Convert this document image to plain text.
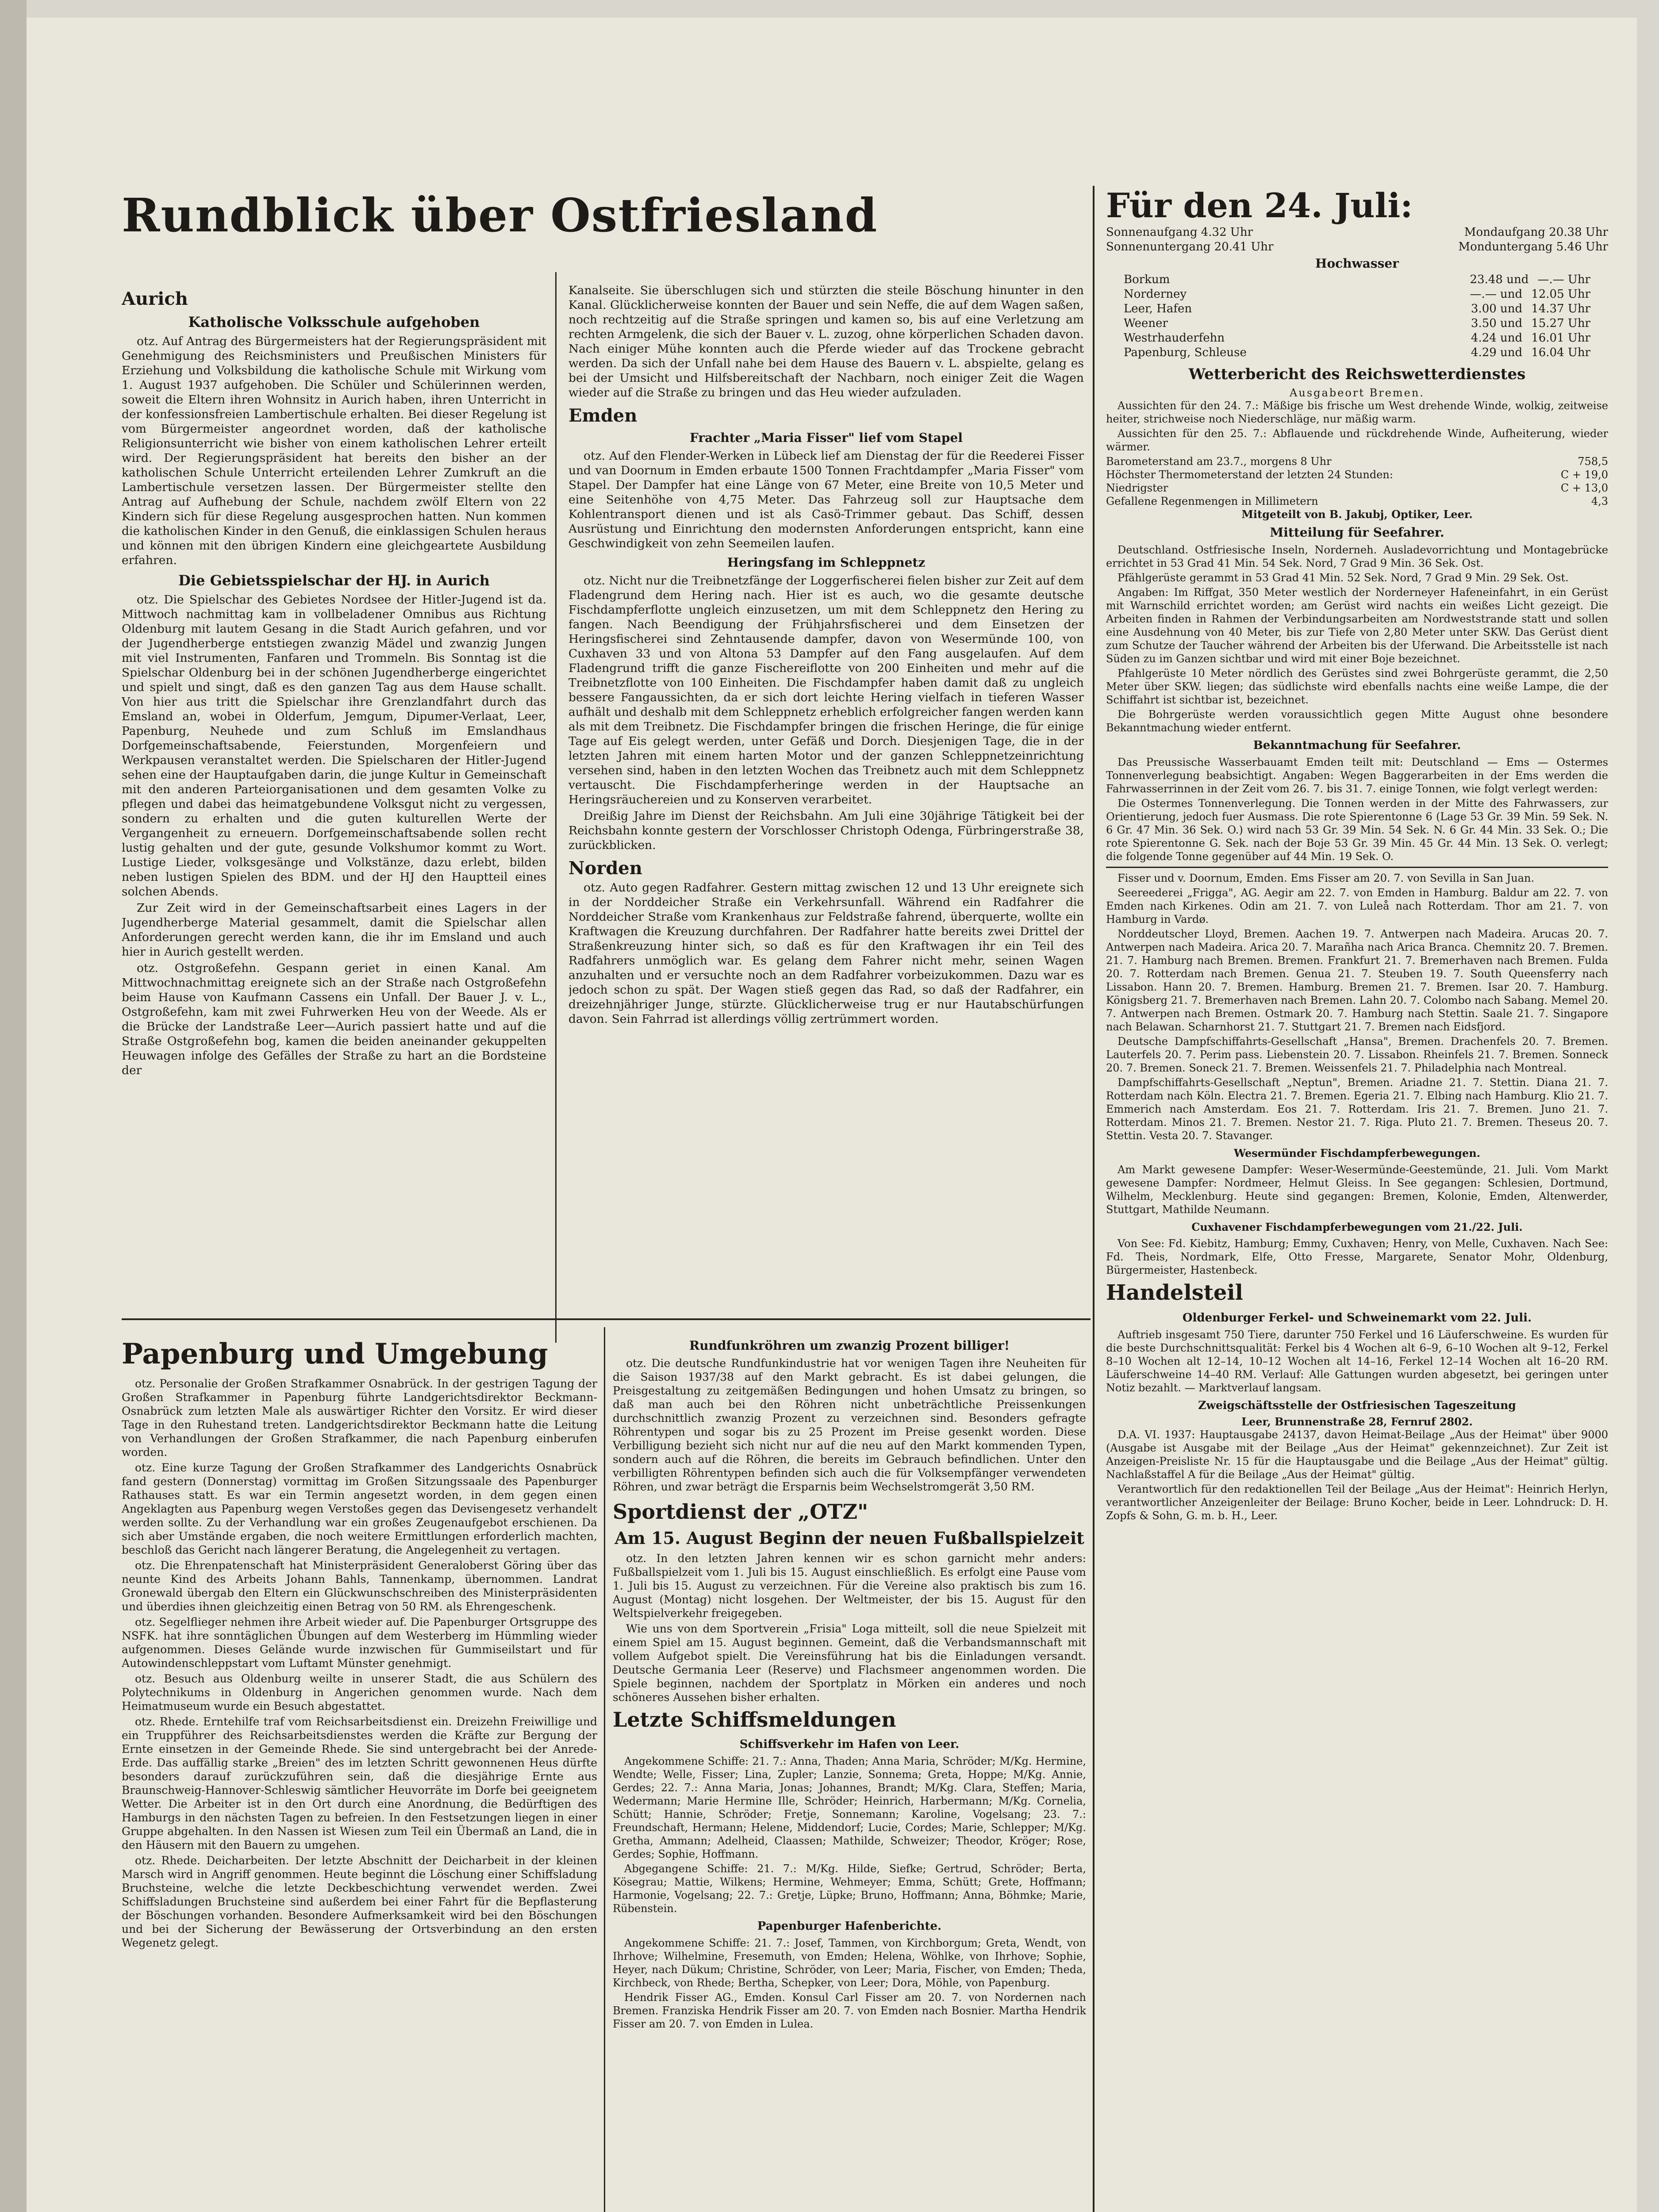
Rundblick über Ostfriesland
Aurich
Katholische Volksschule aufgehoben

otz. Auf Antrag des Bürgermeisters hat der Regierungspräsident mit Genehmigung des Reichsministers und Preußischen Ministers für Erziehung und Volksbildung die katholische Schule mit Wirkung vom 1. August 1937 aufgehoben. Die Schüler und Schülerinnen werden, soweit die Eltern ihren Wohnsitz in Aurich haben, ihren Unterricht in der konfessionsfreien Lambertischule erhalten. Bei dieser Regelung ist vom Bürgermeister angeordnet worden, daß der katholische Religionsunterricht wie bisher von einem katholischen Lehrer erteilt wird. Der Regierungspräsident hat bereits den bisher an der katholischen Schule Unterricht erteilenden Lehrer Zumkruft an die Lambertischule versetzen lassen. Der Bürgermeister stellte den Antrag auf Aufhebung der Schule, nachdem zwölf Eltern von 22 Kindern sich für diese Regelung ausgesprochen hatten. Nun kommen die katholischen Kinder in den Genuß, die einklassigen Schulen heraus und können mit den übrigen Kindern eine gleichgeartete Ausbildung erfahren.

Die Gebietsspielschar der HJ. in Aurich

otz. Die Spielschar des Gebietes Nordsee der Hitler-Jugend ist da. Mittwoch nachmittag kam in vollbeladener Omnibus aus Richtung Oldenburg mit lautem Gesang in die Stadt Aurich gefahren, und vor der Jugendherberge entstiegen zwanzig Mädel und zwanzig Jungen mit viel Instrumenten, Fanfaren und Trommeln. Bis Sonntag ist die Spielschar Oldenburg bei in der schönen Jugendherberge eingerichtet und spielt und singt, daß es den ganzen Tag aus dem Hause schallt. Von hier aus tritt die Spielschar ihre Grenzlandfahrt durch das Emsland an, wobei in Olderfum, Jemgum, Dipumer-Verlaat, Leer, Papenburg, Neuhede und zum Schluß im Emslandhaus Dorfgemeinschaftsabende, Feierstunden, Morgenfeiern und Werkpausen veranstaltet werden. Die Spielscharen der Hitler-Jugend sehen eine der Hauptaufgaben darin, die junge Kultur in Gemeinschaft mit den anderen Parteiorganisationen und dem gesamten Volke zu pflegen und dabei das heimatgebundene Volksgut nicht zu vergessen, sondern zu erhalten und die guten kulturellen Werte der Vergangenheit zu erneuern. Dorfgemeinschaftsabende sollen recht lustig gehalten und der gute, gesunde Volkshumor kommt zu Wort. Lustige Lieder, volksgesänge und Volkstänze, dazu erlebt, bilden neben lustigen Spielen des BDM. und der HJ den Hauptteil eines solchen Abends.

Zur Zeit wird in der Gemeinschaftsarbeit eines Lagers in der Jugendherberge Material gesammelt, damit die Spielschar allen Anforderungen gerecht werden kann, die ihr im Emsland und auch hier in Aurich gestellt werden.

otz. Ostgroßefehn. Gespann geriet in einen Kanal. Am Mittwochnachmittag ereignete sich an der Straße nach Ostgroßefehn beim Hause von Kaufmann Cassens ein Unfall. Der Bauer J. v. L., Ostgroßefehn, kam mit zwei Fuhrwerken Heu von der Weede. Als er die Brücke der Landstraße Leer—Aurich passiert hatte und auf die Straße Ostgroßefehn bog, kamen die beiden aneinander gekuppelten Heuwagen infolge des Gefälles der Straße zu hart an die Bordsteine der

Kanalseite. Sie überschlugen sich und stürzten die steile Böschung hinunter in den Kanal. Glücklicherweise konnten der Bauer und sein Neffe, die auf dem Wagen saßen, noch rechtzeitig auf die Straße springen und kamen so, bis auf eine Verletzung am rechten Armgelenk, die sich der Bauer v. L. zuzog, ohne körperlichen Schaden davon. Nach einiger Mühe konnten auch die Pferde wieder auf das Trockene gebracht werden. Da sich der Unfall nahe bei dem Hause des Bauern v. L. abspielte, gelang es bei der Umsicht und Hilfsbereitschaft der Nachbarn, noch einiger Zeit die Wagen wieder auf die Straße zu bringen und das Heu wieder aufzuladen.

Emden
Frachter „Maria Fisser" lief vom Stapel

otz. Auf den Flender-Werken in Lübeck lief am Dienstag der für die Reederei Fisser und van Doornum in Emden erbaute 1500 Tonnen Frachtdampfer „Maria Fisser" vom Stapel. Der Dampfer hat eine Länge von 67 Meter, eine Breite von 10,5 Meter und eine Seitenhöhe von 4,75 Meter. Das Fahrzeug soll zur Hauptsache dem Kohlentransport dienen und ist als Casö-Trimmer gebaut. Das Schiff, dessen Ausrüstung und Einrichtung den modernsten Anforderungen entspricht, kann eine Geschwindigkeit von zehn Seemeilen laufen.

Heringsfang im Schleppnetz

otz. Nicht nur die Treibnetzfänge der Loggerfischerei fielen bisher zur Zeit auf dem Fladengrund dem Hering nach. Hier ist es auch, wo die gesamte deutsche Fischdampferflotte ungleich einzusetzen, um mit dem Schleppnetz den Hering zu fangen. Nach Beendigung der Frühjahrsfischerei und dem Einsetzen der Heringsfischerei sind Zehntausende dampfer, davon von Wesermünde 100, von Cuxhaven 33 und von Altona 53 Dampfer auf den Fang ausgelaufen. Auf dem Fladengrund trifft die ganze Fischereiflotte von 200 Einheiten und mehr auf die Treibnetzflotte von 100 Einheiten. Die Fischdampfer haben damit daß zu ungleich bessere Fangaussichten, da er sich dort leichte Hering vielfach in tieferen Wasser aufhält und deshalb mit dem Schleppnetz erheblich erfolgreicher fangen werden kann als mit dem Treibnetz. Die Fischdampfer bringen die frischen Heringe, die für einige Tage auf Eis gelegt werden, unter Gefäß und Dorch. Diesjenigen Tage, die in der letzten Jahren mit einem harten Motor und der ganzen Schleppnetzeinrichtung versehen sind, haben in den letzten Wochen das Treibnetz auch mit dem Schleppnetz vertauscht. Die Fischdampferheringe werden in der Hauptsache an Heringsräuchereien und zu Konserven verarbeitet.

Dreißig Jahre im Dienst der Reichsbahn. Am Juli eine 30jährige Tätigkeit bei der Reichsbahn konnte gestern der Vorschlosser Christoph Odenga, Fürbringerstraße 38, zurückblicken.

Norden

otz. Auto gegen Radfahrer. Gestern mittag zwischen 12 und 13 Uhr ereignete sich in der Norddeicher Straße ein Verkehrsunfall. Während ein Radfahrer die Norddeicher Straße vom Krankenhaus zur Feldstraße fahrend, überquerte, wollte ein Kraftwagen die Kreuzung durchfahren. Der Radfahrer hatte bereits zwei Drittel der Straßenkreuzung hinter sich, so daß es für den Kraftwagen ihr ein Teil des Radfahrers unmöglich war. Es gelang dem Fahrer nicht mehr, seinen Wagen anzuhalten und er versuchte noch an dem Radfahrer vorbeizukommen. Dazu war es jedoch schon zu spät. Der Wagen stieß gegen das Rad, so daß der Radfahrer, ein dreizehnjähriger Junge, stürzte. Glücklicherweise trug er nur Hautabschürfungen davon. Sein Fahrrad ist allerdings völlig zertrümmert worden.

Papenburg und Umgebung

otz. Personalie der Großen Strafkammer Osnabrück. In der gestrigen Tagung der Großen Strafkammer in Papenburg führte Landgerichtsdirektor Beckmann-Osnabrück zum letzten Male als auswärtiger Richter den Vorsitz. Er wird dieser Tage in den Ruhestand treten. Landgerichtsdirektor Beckmann hatte die Leitung von Verhandlungen der Großen Strafkammer, die nach Papenburg einberufen worden.

otz. Eine kurze Tagung der Großen Strafkammer des Landgerichts Osnabrück fand gestern (Donnerstag) vormittag im Großen Sitzungssaale des Papenburger Rathauses statt. Es war ein Termin angesetzt worden, in dem gegen einen Angeklagten aus Papenburg wegen Verstoßes gegen das Devisengesetz verhandelt werden sollte. Zu der Verhandlung war ein großes Zeugenaufgebot erschienen. Da sich aber Umstände ergaben, die noch weitere Ermittlungen erforderlich machten, beschloß das Gericht nach längerer Beratung, die Angelegenheit zu vertagen.

otz. Die Ehrenpatenschaft hat Ministerpräsident Generaloberst Göring über das neunte Kind des Arbeits Johann Bahls, Tannenkamp, übernommen. Landrat Gronewald übergab den Eltern ein Glückwunschschreiben des Ministerpräsidenten und überdies ihnen gleichzeitig einen Betrag von 50 RM. als Ehrengeschenk.

otz. Segelflieger nehmen ihre Arbeit wieder auf. Die Papenburger Ortsgruppe des NSFK. hat ihre sonntäglichen Übungen auf dem Westerberg im Hümmling wieder aufgenommen. Dieses Gelände wurde inzwischen für Gummiseilstart und für Autowindenschleppstart vom Luftamt Münster genehmigt.

otz. Besuch aus Oldenburg weilte in unserer Stadt, die aus Schülern des Polytechnikums in Oldenburg in Angerichen genommen wurde. Nach dem Heimatmuseum wurde ein Besuch abgestattet.

otz. Rhede. Erntehilfe traf vom Reichsarbeitsdienst ein. Dreizehn Freiwillige und ein Truppführer des Reichsarbeitsdienstes werden die Kräfte zur Bergung der Ernte einsetzen in der Gemeinde Rhede. Sie sind untergebracht bei der Anrede-Erde. Das auffällig starke „Breien" des im letzten Schritt gewonnenen Heus dürfte besonders darauf zurückzuführen sein, daß die diesjährige Ernte aus Braunschweig-Hannover-Schleswig sämtlicher Heuvorräte im Dorfe bei geeignetem Wetter. Die Arbeiter ist in den Ort durch eine Anordnung, die Bedürftigen des Hamburgs in den nächsten Tagen zu befreien. In den Festsetzungen liegen in einer Gruppe abgehalten. In den Nassen ist Wiesen zum Teil ein Übermaß an Land, die in den Häusern mit den Bauern zu umgehen.

otz. Rhede. Deicharbeiten. Der letzte Abschnitt der Deicharbeit in der kleinen Marsch wird in Angriff genommen. Heute beginnt die Löschung einer Schiffsladung Bruchsteine, welche die letzte Deckbeschichtung verwendet werden. Zwei Schiffsladungen Bruchsteine sind außerdem bei einer Fahrt für die Bepflasterung der Böschungen vorhanden. Besondere Aufmerksamkeit wird bei den Böschungen und bei der Sicherung der Bewässerung der Ortsverbindung an den ersten Wegenetz gelegt.

Rundfunkröhren um zwanzig Prozent billiger!

otz. Die deutsche Rundfunkindustrie hat vor wenigen Tagen ihre Neuheiten für die Saison 1937/38 auf den Markt gebracht. Es ist dabei gelungen, die Preisgestaltung zu zeitgemäßen Bedingungen und hohen Umsatz zu bringen, so daß man auch bei den Röhren nicht unbeträchtliche Preissenkungen durchschnittlich zwanzig Prozent zu verzeichnen sind. Besonders gefragte Röhrentypen und sogar bis zu 25 Prozent im Preise gesenkt worden. Diese Verbilligung bezieht sich nicht nur auf die neu auf den Markt kommenden Typen, sondern auch auf die Röhren, die bereits im Gebrauch befindlichen. Unter den verbilligten Röhrentypen befinden sich auch die für Volksempfänger verwendeten Röhren, und zwar beträgt die Ersparnis beim Wechselstromgerät 3,50 RM.

Sportdienst der „OTZ"
Am 15. August Beginn der neuen Fußballspielzeit

otz. In den letzten Jahren kennen wir es schon garnicht mehr anders: Fußballspielzeit vom 1. Juli bis 15. August einschließlich. Es erfolgt eine Pause vom 1. Juli bis 15. August zu verzeichnen. Für die Vereine also praktisch bis zum 16. August (Montag) nicht losgehen. Der Weltmeister, der bis 15. August für den Weltspielverkehr freigegeben.

Wie uns von dem Sportverein „Frisia" Loga mitteilt, soll die neue Spielzeit mit einem Spiel am 15. August beginnen. Gemeint, daß die Verbandsmannschaft mit vollem Aufgebot spielt. Die Vereinsführung hat bis die Einladungen versandt. Deutsche Germania Leer (Reserve) und Flachsmeer angenommen worden. Die Spiele beginnen, nachdem der Sportplatz in Mörken ein anderes und noch schöneres Aussehen bisher erhalten.

Letzte Schiffsmeldungen
Schiffsverkehr im Hafen von Leer.

Angekommene Schiffe: 21. 7.: Anna, Thaden; Anna Maria, Schröder; M/Kg. Hermine, Wendte; Welle, Fisser; Lina, Zupler; Lanzie, Sonnema; Greta, Hoppe; M/Kg. Annie, Gerdes; 22. 7.: Anna Maria, Jonas; Johannes, Brandt; M/Kg. Clara, Steffen; Maria, Wedermann; Marie Hermine Ille, Schröder; Heinrich, Harbermann; M/Kg. Cornelia, Schütt; Hannie, Schröder; Fretje, Sonnemann; Karoline, Vogelsang; 23. 7.: Freundschaft, Hermann; Helene, Middendorf; Lucie, Cordes; Marie, Schlepper; M/Kg. Gretha, Ammann; Adelheid, Claassen; Mathilde, Schweizer; Theodor, Kröger; Rose, Gerdes; Sophie, Hoffmann.

Abgegangene Schiffe: 21. 7.: M/Kg. Hilde, Siefke; Gertrud, Schröder; Berta, Kösegrau; Mattie, Wilkens; Hermine, Wehmeyer; Emma, Schütt; Grete, Hoffmann; Harmonie, Vogelsang; 22. 7.: Gretje, Lüpke; Bruno, Hoffmann; Anna, Böhmke; Marie, Rübenstein.

Papenburger Hafenberichte.

Angekommene Schiffe: 21. 7.: Josef, Tammen, von Kirchborgum; Greta, Wendt, von Ihrhove; Wilhelmine, Fresemuth, von Emden; Helena, Wöhlke, von Ihrhove; Sophie, Heyer, nach Dükum; Christine, Schröder, von Leer; Maria, Fischer, von Emden; Theda, Kirchbeck, von Rhede; Bertha, Schepker, von Leer; Dora, Möhle, von Papenburg.

Hendrik Fisser AG., Emden. Konsul Carl Fisser am 20. 7. von Nordernen nach Bremen. Franziska Hendrik Fisser am 20. 7. von Emden nach Bosnier. Martha Hendrik Fisser am 20. 7. von Emden in Lulea.

Für den 24. Juli:
Sonnenaufgang 4.32 Uhr	Mondaufgang 20.38 Uhr
Sonnenuntergang 20.41 Uhr	Monduntergang 5.46 Uhr
Hochwasser
Borkum	23.48 und —.— Uhr
Norderney	—.— und 12.05 Uhr
Leer, Hafen	3.00 und 14.37 Uhr
Weener	3.50 und 15.27 Uhr
Westrhauderfehn	4.24 und 16.01 Uhr
Papenburg, Schleuse	4.29 und 16.04 Uhr
Wetterbericht des Reichswetterdienstes
Ausgabeort Bremen.

Aussichten für den 24. 7.: Mäßige bis frische um West drehende Winde, wolkig, zeitweise heiter, strichweise noch Niederschläge, nur mäßig warm.

Aussichten für den 25. 7.: Abflauende und rückdrehende Winde, Aufheiterung, wieder wärmer.

Barometerstand am 23.7., morgens 8 Uhr	758,5
Höchster Thermometerstand der letzten 24 Stunden:	C + 19,0
Niedrigster	C + 13,0
Gefallene Regenmengen in Millimetern	4,3
Mitgeteilt von B. Jakubj, Optiker, Leer.
Mitteilung für Seefahrer.

Deutschland. Ostfriesische Inseln, Norderneh. Ausladevorrichtung und Montagebrücke errichtet in 53 Grad 41 Min. 54 Sek. Nord, 7 Grad 9 Min. 36 Sek. Ost.

Pfählgerüste gerammt in 53 Grad 41 Min. 52 Sek. Nord, 7 Grad 9 Min. 29 Sek. Ost.

Angaben: Im Riffgat, 350 Meter westlich der Norderneyer Hafeneinfahrt, in ein Gerüst mit Warnschild errichtet worden; am Gerüst wird nachts ein weißes Licht gezeigt. Die Arbeiten finden in Rahmen der Verbindungsarbeiten am Nordweststrande statt und sollen eine Ausdehnung von 40 Meter, bis zur Tiefe von 2,80 Meter unter SKW. Das Gerüst dient zum Schutze der Taucher während der Arbeiten bis der Uferwand. Die Arbeitsstelle ist nach Süden zu im Ganzen sichtbar und wird mit einer Boje bezeichnet.

Pfahlgerüste 10 Meter nördlich des Gerüstes sind zwei Bohrgerüste gerammt, die 2,50 Meter über SKW. liegen; das südlichste wird ebenfalls nachts eine weiße Lampe, die der Schiffahrt ist sichtbar ist, bezeichnet.

Die Bohrgerüste werden voraussichtlich gegen Mitte August ohne besondere Bekanntmachung wieder entfernt.

Bekanntmachung für Seefahrer.

Das Preussische Wasserbauamt Emden teilt mit: Deutschland — Ems — Ostermes Tonnenverlegung beabsichtigt. Angaben: Wegen Baggerarbeiten in der Ems werden die Fahrwasserrinnen in der Zeit vom 26. 7. bis 31. 7. einige Tonnen, wie folgt verlegt werden:

Die Ostermes Tonnenverlegung. Die Tonnen werden in der Mitte des Fahrwassers, zur Orientierung, jedoch fuer Ausmass. Die rote Spierentonne 6 (Lage 53 Gr. 39 Min. 59 Sek. N. 6 Gr. 47 Min. 36 Sek. O.) wird nach 53 Gr. 39 Min. 54 Sek. N. 6 Gr. 44 Min. 33 Sek. O.; Die rote Spierentonne G. Sek. nach der Boje 53 Gr. 39 Min. 45 Gr. 44 Min. 13 Sek. O. verlegt; die folgende Tonne gegenüber auf 44 Min. 19 Sek. O.

Fisser und v. Doornum, Emden. Ems Fisser am 20. 7. von Sevilla in San Juan.

Seereederei „Frigga", AG. Aegir am 22. 7. von Emden in Hamburg. Baldur am 22. 7. von Emden nach Kirkenes. Odin am 21. 7. von Luleå nach Rotterdam. Thor am 21. 7. von Hamburg in Vardø.

Norddeutscher Lloyd, Bremen. Aachen 19. 7. Antwerpen nach Madeira. Arucas 20. 7. Antwerpen nach Madeira. Arica 20. 7. Marañha nach Arica Branca. Chemnitz 20. 7. Bremen. 21. 7. Hamburg nach Bremen. Bremen. Frankfurt 21. 7. Bremerhaven nach Bremen. Fulda 20. 7. Rotterdam nach Bremen. Genua 21. 7. Steuben 19. 7. South Queensferry nach Lissabon. Hann 20. 7. Bremen. Hamburg. Bremen 21. 7. Bremen. Isar 20. 7. Hamburg. Königsberg 21. 7. Bremerhaven nach Bremen. Lahn 20. 7. Colombo nach Sabang. Memel 20. 7. Antwerpen nach Bremen. Ostmark 20. 7. Hamburg nach Stettin. Saale 21. 7. Singapore nach Belawan. Scharnhorst 21. 7. Stuttgart 21. 7. Bremen nach Eidsfjord.

Deutsche Dampfschiffahrts-Gesellschaft „Hansa", Bremen. Drachenfels 20. 7. Bremen. Lauterfels 20. 7. Perim pass. Liebenstein 20. 7. Lissabon. Rheinfels 21. 7. Bremen. Sonneck 20. 7. Bremen. Soneck 21. 7. Bremen. Weissenfels 21. 7. Philadelphia nach Montreal.

Dampfschiffahrts-Gesellschaft „Neptun", Bremen. Ariadne 21. 7. Stettin. Diana 21. 7. Rotterdam nach Köln. Electra 21. 7. Bremen. Egeria 21. 7. Elbing nach Hamburg. Klio 21. 7. Emmerich nach Amsterdam. Eos 21. 7. Rotterdam. Iris 21. 7. Bremen. Juno 21. 7. Rotterdam. Minos 21. 7. Bremen. Nestor 21. 7. Riga. Pluto 21. 7. Bremen. Theseus 20. 7. Stettin. Vesta 20. 7. Stavanger.

Wesermünder Fischdampferbewegungen.

Am Markt gewesene Dampfer: Weser-Wesermünde-Geestemünde, 21. Juli. Vom Markt gewesene Dampfer: Nordmeer, Helmut Gleiss. In See gegangen: Schlesien, Dortmund, Wilhelm, Mecklenburg. Heute sind gegangen: Bremen, Kolonie, Emden, Altenwerder, Stuttgart, Mathilde Neumann.

Cuxhavener Fischdampferbewegungen vom 21./22. Juli.

Von See: Fd. Kiebitz, Hamburg; Emmy, Cuxhaven; Henry, von Melle, Cuxhaven. Nach See: Fd. Theis, Nordmark, Elfe, Otto Fresse, Margarete, Senator Mohr, Oldenburg, Bürgermeister, Hastenbeck.

Handelsteil
Oldenburger Ferkel- und Schweinemarkt vom 22. Juli.

Auftrieb insgesamt 750 Tiere, darunter 750 Ferkel und 16 Läuferschweine. Es wurden für die beste Durchschnittsqualität: Ferkel bis 4 Wochen alt 6–9, 6–10 Wochen alt 9–12, Ferkel 8–10 Wochen alt 12–14, 10–12 Wochen alt 14–16, Ferkel 12–14 Wochen alt 16–20 RM. Läuferschweine 14–40 RM. Verlauf: Alle Gattungen wurden abgesetzt, bei geringen unter Notiz bezahlt. — Marktverlauf langsam.

Zweigschäftsstelle der Ostfriesischen Tageszeitung
Leer, Brunnenstraße 28, Fernruf 2802.

D.A. VI. 1937: Hauptausgabe 24137, davon Heimat-Beilage „Aus der Heimat" über 9000 (Ausgabe ist Ausgabe mit der Beilage „Aus der Heimat" gekennzeichnet). Zur Zeit ist Anzeigen-Preisliste Nr. 15 für die Hauptausgabe und die Beilage „Aus der Heimat" gültig. Nachlaßstaffel A für die Beilage „Aus der Heimat" gültig.

Verantwortlich für den redaktionellen Teil der Beilage „Aus der Heimat": Heinrich Herlyn, verantwortlicher Anzeigenleiter der Beilage: Bruno Kocher, beide in Leer. Lohndruck: D. H. Zopfs & Sohn, G. m. b. H., Leer.
